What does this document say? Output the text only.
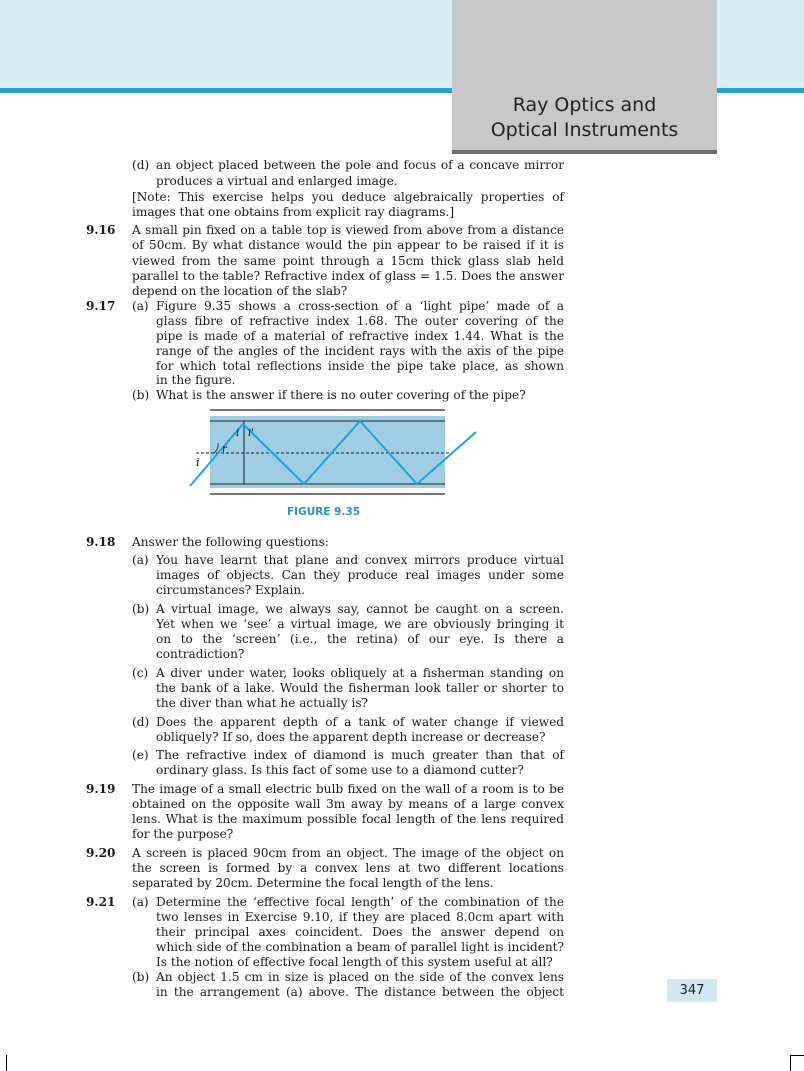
Ray Optics and
Optical Instruments
(d) an object placed between the pole and focus of a concave mirror
produces a virtual and enlarged image.
[Note: This exercise helps you deduce algebraically properties of
images that one obtains from explicit ray diagrams.]
9.16 A small pin fixed on a table top is viewed from above from a distance
of 50cm. By what distance would the pin appear to be raised if it is
viewed from the same point through a 15cm thick glass slab held
parallel to the table? Refractive index of glass = 1.5. Does the answer
depend on the location of the slab?
9.17 (a) Figure 9.35 shows a cross-section of a ‘light pipe’ made of a
glass fibre of refractive index 1.68. The outer covering of the
pipe is made of a material of refractive index 1.44. What is the
range of the angles of the incident rays with the axis of the pipe
for which total reflections inside the pipe take place, as shown
in the figure.
(b) What is the answer if there is no outer covering of the pipe?
9.18 Answer the following questions:
(a) You have learnt that plane and convex mirrors produce virtual
images of objects. Can they produce real images under some
circumstances? Explain.
(b) A virtual image, we always say, cannot be caught on a screen.
Yet when we ‘see’ a virtual image, we are obviously bringing it
on to the ‘screen’ (i.e., the retina) of our eye. Is there a
contradiction?
(c) A diver under water, looks obliquely at a fisherman standing on
the bank of a lake. Would the fisherman look taller or shorter to
the diver than what he actually is?
(d) Does the apparent depth of a tank of water change if viewed
obliquely? If so, does the apparent depth increase or decrease?
(e) The refractive index of diamond is much greater than that of
ordinary glass. Is this fact of some use to a diamond cutter?
9.19 The image of a small electric bulb fixed on the wall of a room is to be
obtained on the opposite wall 3m away by means of a large convex
lens. What is the maximum possible focal length of the lens required
for the purpose?
9.20 A screen is placed 90cm from an object. The image of the object on
the screen is formed by a convex lens at two different locations
separated by 20cm. Determine the focal length of the lens.
9.21 (a) Determine the ‘effective focal length’ of the combination of the
two lenses in Exercise 9.10, if they are placed 8.0cm apart with
their principal axes coincident. Does the answer depend on
which side of the combination a beam of parallel light is incident?
Is the notion of effective focal length of this system useful at all?
(b) An object 1.5 cm in size is placed on the side of the convex lens
in the arrangement (a) above. The distance between the object
i
r
i'
i
FIGURE 9.35
347
